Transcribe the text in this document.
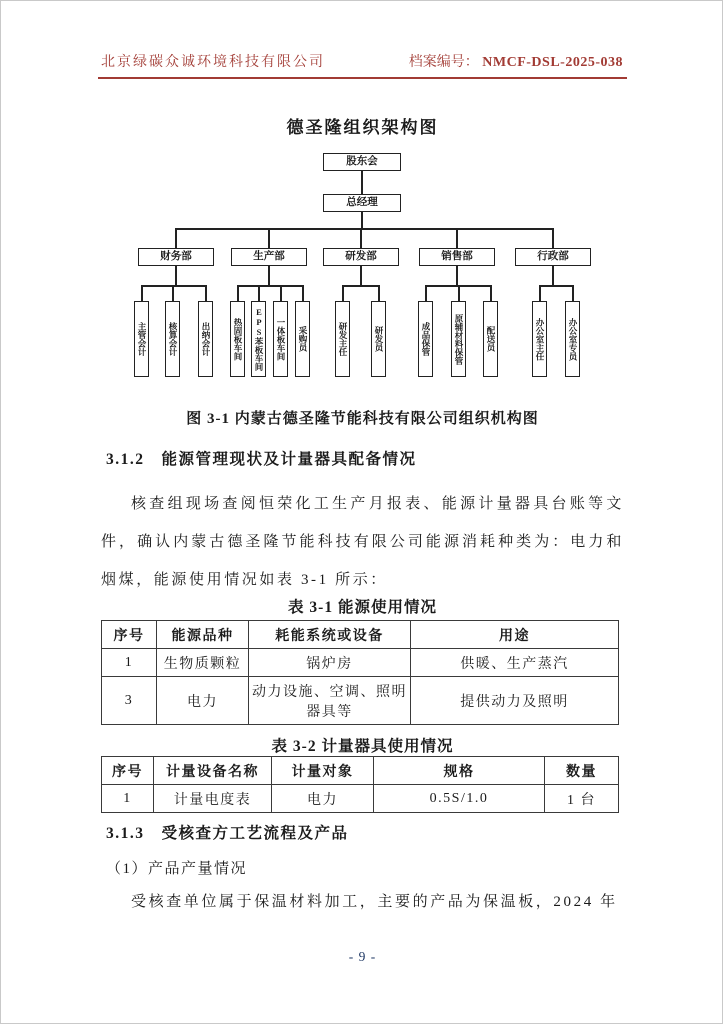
北京绿碳众诚环境科技有限公司	档案编号： NMCF-DSL-2025-038
德圣隆组织架构图
股东会
总经理
财务部	生产部	研发部	销售部	行政部
主管会计	核算会计	出纳会计	热固板车间	EPS苯板车间	一体板车间	采购员	研发主任	研发员	成品保管	原辅材料保管	配送员	办公室主任	办公室专员
图 3-1 内蒙古德圣隆节能科技有限公司组织机构图
3.1.2　能源管理现状及计量器具配备情况
核查组现场查阅恒荣化工生产月报表、能源计量器具台账等文件，确认内蒙古德圣隆节能科技有限公司能源消耗种类为：电力和烟煤，能源使用情况如表 3-1 所示：
表 3-1 能源使用情况
序号	能源品种	耗能系统或设备	用途
1	生物质颗粒	锅炉房	供暖、生产蒸汽
3	电力	动力设施、空调、照明器具等	提供动力及照明
表 3-2 计量器具使用情况
序号	计量设备名称	计量对象	规格	数量
1	计量电度表	电力	0.5S/1.0	1 台
3.1.3　受核查方工艺流程及产品
（1）产品产量情况
受核查单位属于保温材料加工，主要的产品为保温板，2024 年
- 9 -
